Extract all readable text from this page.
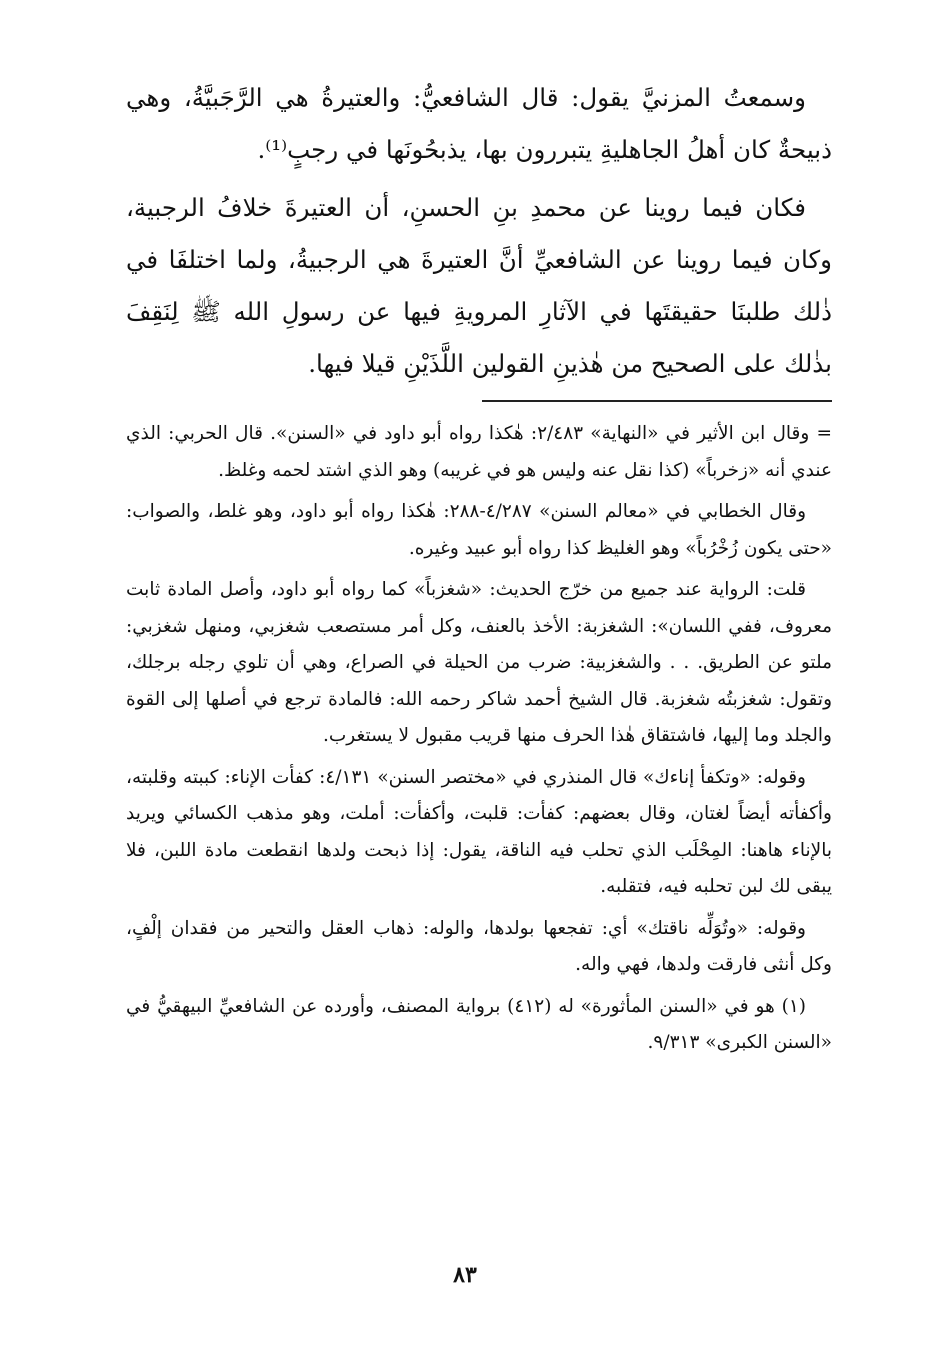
وسمعتُ المزنيَّ يقول: قال الشافعيُّ: والعتيرةُ هي الرَّجَبيَّةُ، وهي ذبيحةٌ كان أهلُ الجاهليةِ يتبررون بها، يذبحُونَها في رجبٍ⁽¹⁾.

فكان فيما روينا عن محمدِ بنِ الحسنِ، أن العتيرةَ خلافُ الرجبية، وكان فيما روينا عن الشافعيِّ أنَّ العتيرةَ هي الرجبيةُ، ولما اختلفَا في ذٰلك طلبنَا حقيقتَها في الآثارِ المرويةِ فيها عن رسولِ الله ﷺ لِنَقِفَ بذٰلك على الصحيح من هٰذينِ القولين اللَّذَيْنِ قيلا فيها.

= وقال ابن الأثير في «النهاية» ٢/٤٨٣: هٰكذا رواه أبو داود في «السنن». قال الحربي: الذي عندي أنه «زخرباً» (كذا نقل عنه وليس هو في غريبه) وهو الذي اشتد لحمه وغلظ.

وقال الخطابي في «معالم السنن» ٤/٢٨٧-٢٨٨: هٰكذا رواه أبو داود، وهو غلط، والصواب: «حتى يكون زُخْرُباً» وهو الغليظ كذا رواه أبو عبيد وغيره.

قلت: الرواية عند جميع من خرّج الحديث: «شغزباً» كما رواه أبو داود، وأصل المادة ثابت معروف، ففي اللسان»: الشغزبة: الأخذ بالعنف، وكل أمر مستصعب شغزبي، ومنهل شغزبي: ملتو عن الطريق. . . والشغزبية: ضرب من الحيلة في الصراع، وهي أن تلوي رجله برجلك، وتقول: شغزبتُه شغزبة. قال الشيخ أحمد شاكر رحمه الله: فالمادة ترجع في أصلها إلى القوة والجلد وما إليها، فاشتقاق هٰذا الحرف منها قريب مقبول لا يستغرب.

وقوله: «وتكفأ إناءك» قال المنذري في «مختصر السنن» ٤/١٣١: كفأت الإناء: كببته وقلبته، وأكفأته أيضاً لغتان، وقال بعضهم: كفأت: قلبت، وأكفأت: أملت، وهو مذهب الكسائي ويريد بالإناء هاهنا: المِحْلَب الذي تحلب فيه الناقة، يقول: إذا ذبحت ولدها انقطعت مادة اللبن، فلا يبقى لك لبن تحلبه فيه، فتقلبه.

وقوله: «وتُوَلِّه ناقتك» أي: تفجعها بولدها، والوله: ذهاب العقل والتحير من فقدان إلْفٍ، وكل أنثى فارقت ولدها، فهي واله.

(١) هو في «السنن المأثورة» له (٤١٢) برواية المصنف، وأورده عن الشافعيِّ البيهقيُّ في «السنن الكبرى» ٩/٣١٣.

٨٣
